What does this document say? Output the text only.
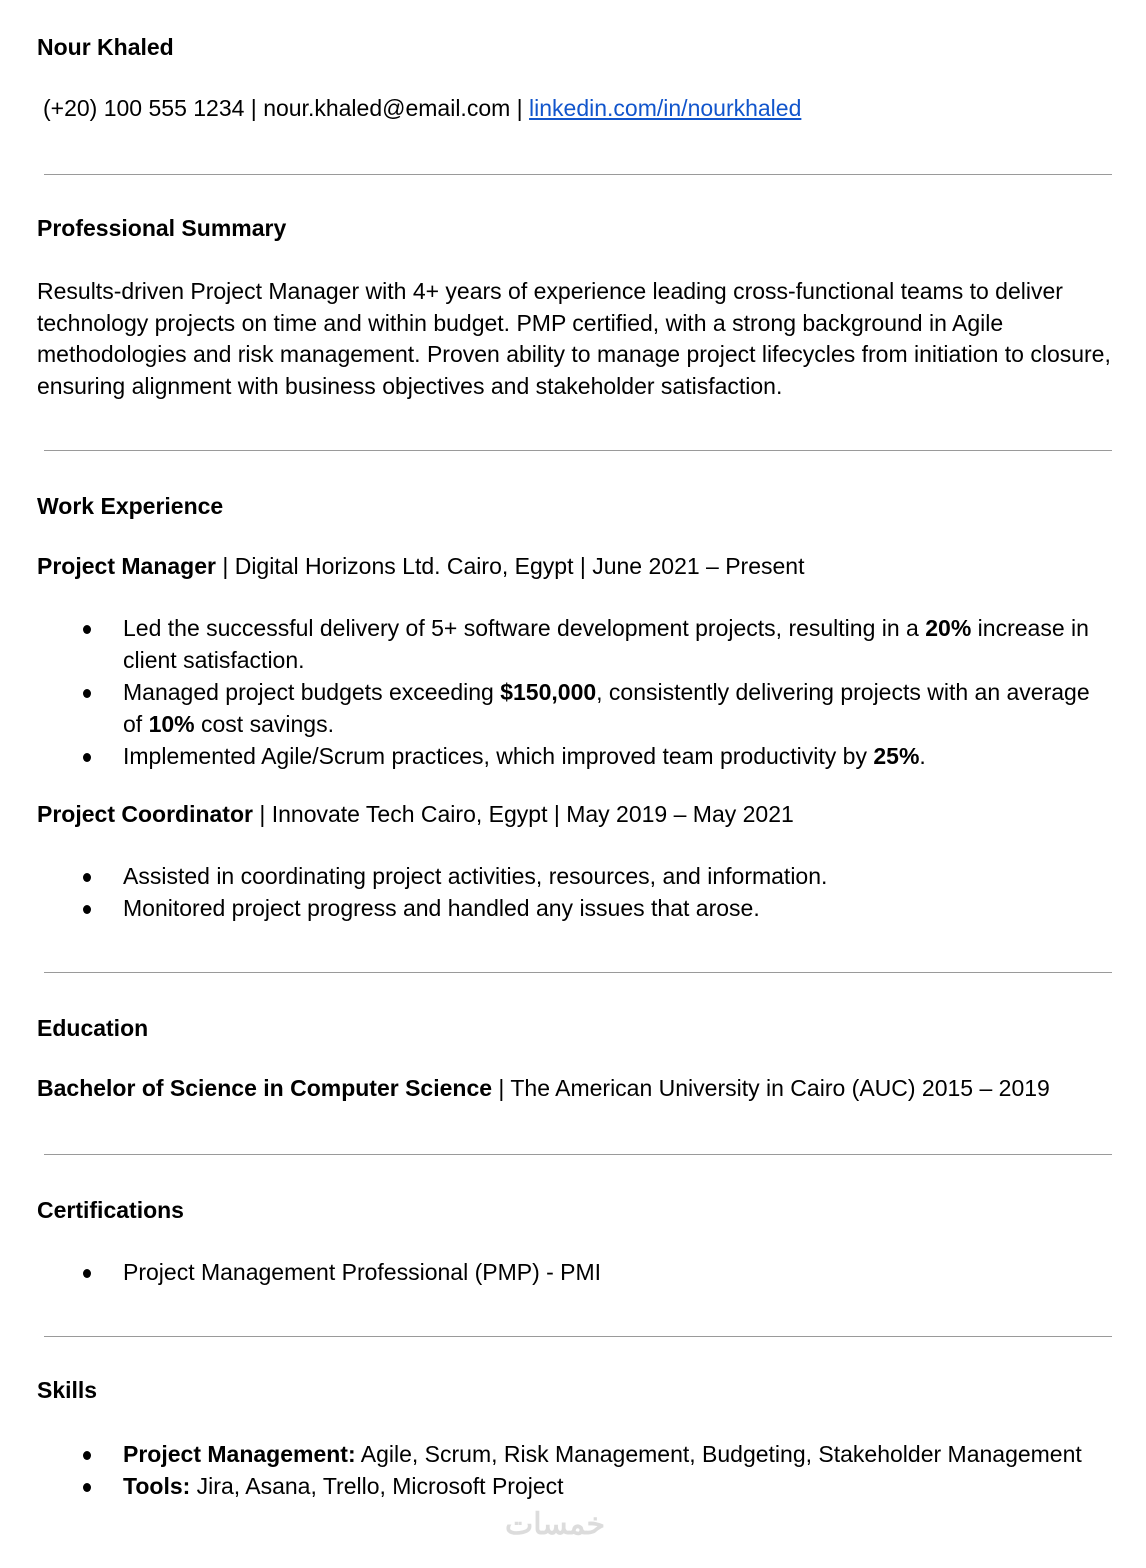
Nour Khaled
(+20) 100 555 1234 | nour.khaled@email.com | linkedin.com/in/nourkhaled
Professional Summary
Results-driven Project Manager with 4+ years of experience leading cross-functional teams to deliver technology projects on time and within budget. PMP certified, with a strong background in Agile methodologies and risk management. Proven ability to manage project lifecycles from initiation to closure, ensuring alignment with business objectives and stakeholder satisfaction.
Work Experience
Project Manager | Digital Horizons Ltd. Cairo, Egypt | June 2021 – Present
Led the successful delivery of 5+ software development projects, resulting in a 20% increase in client satisfaction.
Managed project budgets exceeding $150,000, consistently delivering projects with an average of 10% cost savings.
Implemented Agile/Scrum practices, which improved team productivity by 25%.
Project Coordinator | Innovate Tech Cairo, Egypt | May 2019 – May 2021
Assisted in coordinating project activities, resources, and information.
Monitored project progress and handled any issues that arose.
Education
Bachelor of Science in Computer Science | The American University in Cairo (AUC) 2015 – 2019
Certifications
Project Management Professional (PMP) - PMI
Skills
Project Management: Agile, Scrum, Risk Management, Budgeting, Stakeholder Management
Tools: Jira, Asana, Trello, Microsoft Project
خمسات
